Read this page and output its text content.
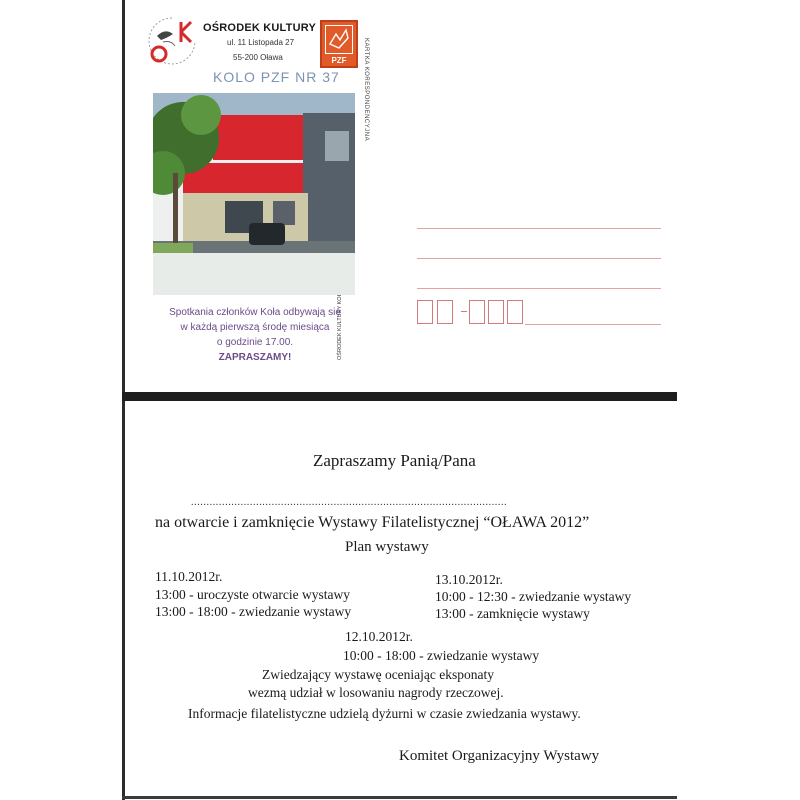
OŚRODEK KULTURY
ul. 11 Listopada 27
55-200 Oława	PZF
KOLO PZF NR 37	KARTKA KORESPONDENCYJNA
Spotkania członków Koła odbywają się
w każdą pierwszą środę miesiąca
o godzinie 17.00.
ZAPRASZAMY!
Zapraszamy Panią/Pana
......................................................................................................
na otwarcie i zamknięcie Wystawy Filatelistycznej “OŁAWA 2012”
Plan wystawy
11.10.2012r.
13:00 - uroczyste otwarcie wystawy
13:00 - 18:00 - zwiedzanie wystawy
13.10.2012r.
10:00 - 12:30 - zwiedzanie wystawy
13:00 - zamknięcie wystawy
12.10.2012r.
10:00 - 18:00 - zwiedzanie wystawy
Zwiedzający wystawę oceniając eksponaty
wezmą udział w losowaniu nagrody rzeczowej.
Informacje filatelistyczne udzielą dyżurni w czasie zwiedzania wystawy.
Komitet Organizacyjny Wystawy
